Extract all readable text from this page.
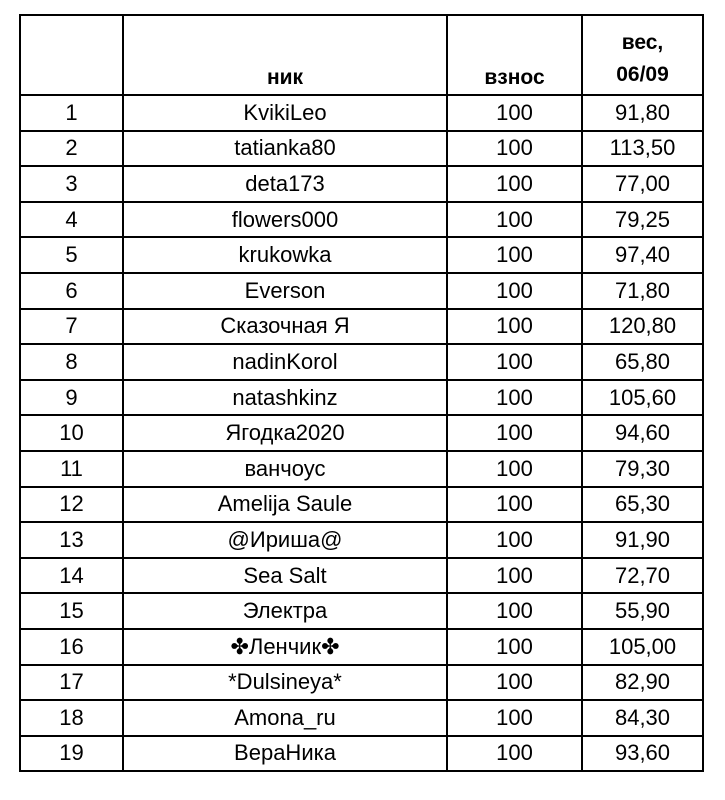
	ник	взнос	вес,
06/09

1	KvikiLeo	100	91,80
2	tatianka80	100	113,50
3	deta173	100	77,00
4	flowers000	100	79,25
5	krukowka	100	97,40
6	Everson	100	71,80
7	Сказочная Я	100	120,80
8	nadinKorol	100	65,80
9	natashkinz	100	105,60
10	Ягодка2020	100	94,60
11	ванчоус	100	79,30
12	Amelija Saule	100	65,30
13	@Ириша@	100	91,90
14	Sea Salt	100	72,70
15	Электра	100	55,90
16	✤Ленчик✤	100	105,00
17	*Dulsineya*	100	82,90
18	Amona_ru	100	84,30
19	ВераНика	100	93,60
